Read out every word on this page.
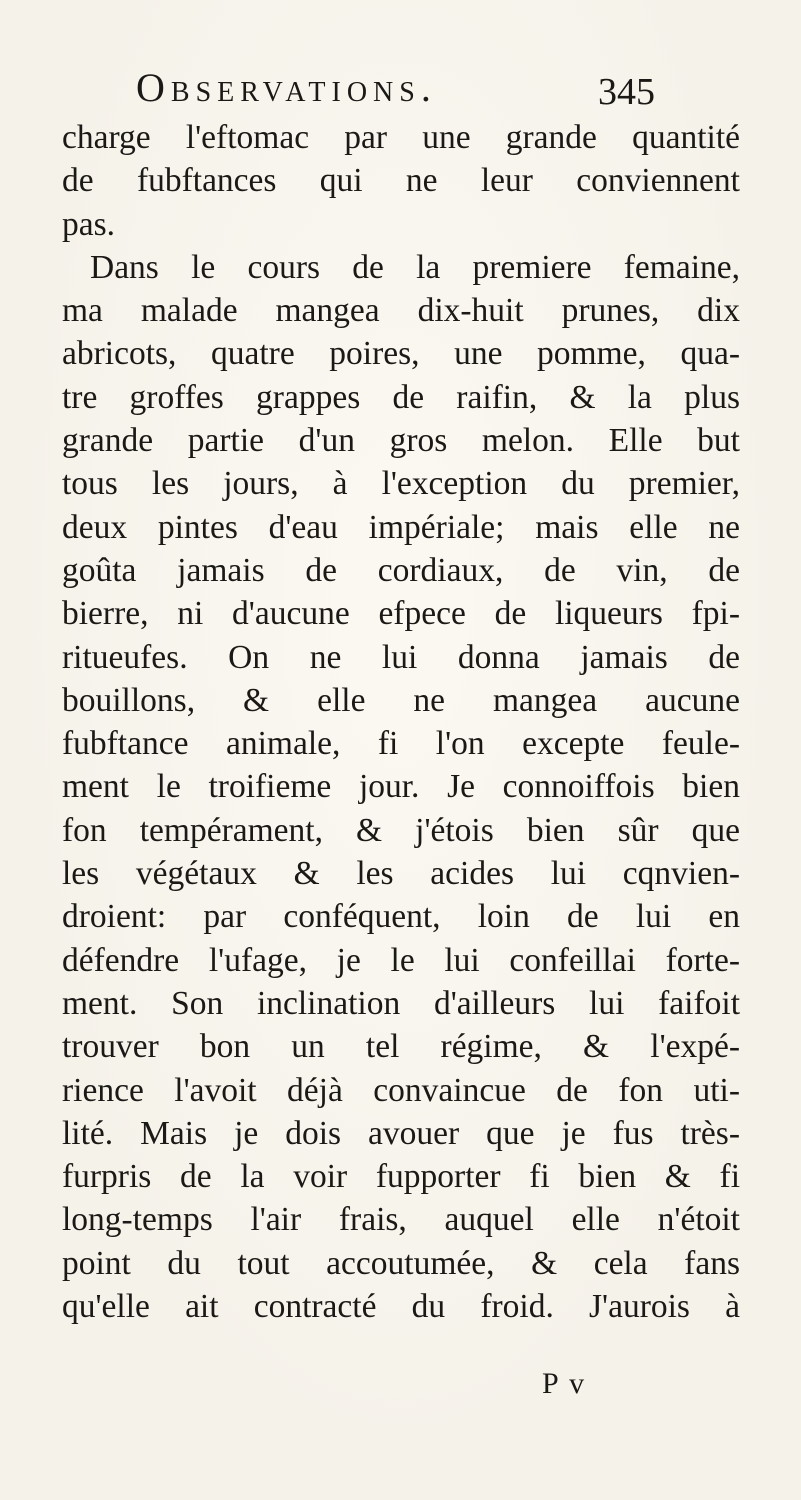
Observations.	345
charge l'eftomac par une grande quantité
de fubftances qui ne leur conviennent
pas.
Dans le cours de la premiere femaine,
ma malade mangea dix-huit prunes, dix
abricots, quatre poires, une pomme, qua-
tre groffes grappes de raifin, & la plus
grande partie d'un gros melon. Elle but
tous les jours, à l'exception du premier,
deux pintes d'eau impériale; mais elle ne
goûta jamais de cordiaux, de vin, de
bierre, ni d'aucune efpece de liqueurs fpi-
ritueufes. On ne lui donna jamais de
bouillons, & elle ne mangea aucune
fubftance animale, fi l'on excepte feule-
ment le troifieme jour. Je connoiffois bien
fon tempérament, & j'étois bien sûr que
les végétaux & les acides lui cqnvien-
droient: par conféquent, loin de lui en
défendre l'ufage, je le lui confeillai forte-
ment. Son inclination d'ailleurs lui faifoit
trouver bon un tel régime, & l'expé-
rience l'avoit déjà convaincue de fon uti-
lité. Mais je dois avouer que je fus très-
furpris de la voir fupporter fi bien & fi
long-temps l'air frais, auquel elle n'étoit
point du tout accoutumée, & cela fans
qu'elle ait contracté du froid. J'aurois à
P v
